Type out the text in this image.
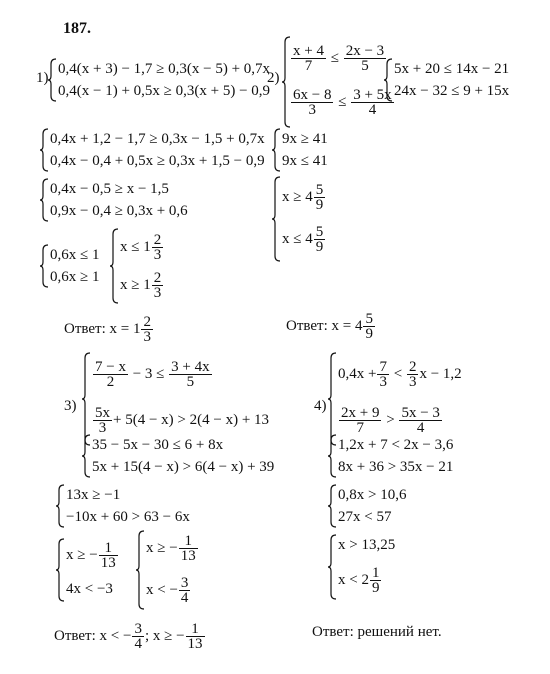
187.
1)
0,4(x + 3) − 1,7 ≥ 0,3(x − 5) + 0,7x
0,4(x − 1) + 0,5x ≥ 0,3(x + 5) − 0,9
0,4x + 1,2 − 1,7 ≥ 0,3x − 1,5 + 0,7x
0,4x − 0,4 + 0,5x ≥ 0,3x + 1,5 − 0,9
0,4x − 0,5 ≥ x − 1,5
0,9x − 0,4 ≥ 0,3x + 0,6
0,6x ≤ 1
0,6x ≥ 1
$x \le 1 \frac{2}{3}$
$x \ge 1 \frac{2}{3}$
Ответ: $x = 1 \frac{2}{3}$
2)
$\frac{x + 4}{7} \le \frac{2x - 3}{5}$
$\frac{6x - 8}{3} \le \frac{3 + 5x}{4}$
5x + 20 ≤ 14x − 21
24x − 32 ≤ 9 + 15x
9x ≥ 41
9x ≤ 41
$x \ge 4 \frac{5}{9}$
$x \le 4 \frac{5}{9}$
Ответ: $x = 4 \frac{5}{9}$
3)
$\frac{7 - x}{2} - 3 \le \frac{3 + 4x}{5}$
$\frac{5x}{3} + 5(4 - x) > 2(4 - x) + 13$
35 − 5x − 30 ≤ 6 + 8x
5x + 15(4 − x) > 6(4 − x) + 39
13x ≥ −1
−10x + 60 > 63 − 6x
x ≥ − $\frac{1}{13}$
4x < −3
x ≥ − $\frac{1}{13}$
x < − $\frac{3}{4}$
Ответ: x < − $\frac{3}{4}$ ; x ≥ − $\frac{1}{13}$
4)
$0,4x + \frac{7}{3} < \frac{2}{3}$ x − 1,2
$\frac{2x + 9}{7} > \frac{5x - 3}{4}$
1,2x + 7 < 2x − 3,6
8x + 36 > 35x − 21
0,8x > 10,6
27x < 57
x > 13,25
$x < 2 \frac{1}{9}$
Ответ: решений нет.
